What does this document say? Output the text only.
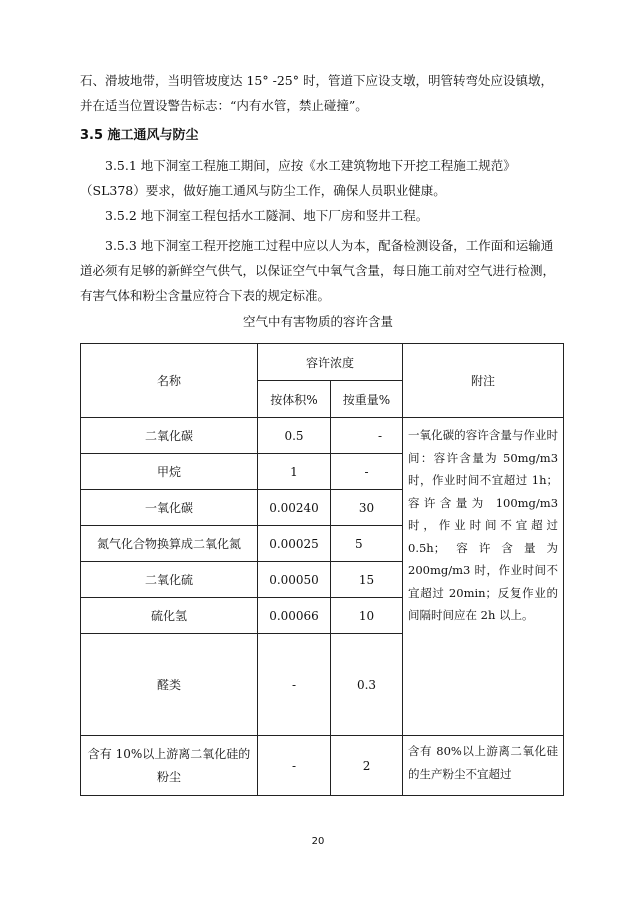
石、滑坡地带，当明管坡度达 15° -25° 时，管道下应设支墩，明管转弯处应设镇墩，并在适当位置设警告标志：“内有水管，禁止碰撞”。

3.5 施工通风与防尘

3.5.1 地下洞室工程施工期间，应按《水工建筑物地下开挖工程施工规范》（SL378）要求，做好施工通风与防尘工作，确保人员职业健康。

3.5.2 地下洞室工程包括水工隧洞、地下厂房和竖井工程。

3.5.3 地下洞室工程开挖施工过程中应以人为本，配备检测设备，工作面和运输通道必须有足够的新鲜空气供气，以保证空气中氧气含量，每日施工前对空气进行检测，有害气体和粉尘含量应符合下表的规定标准。

空气中有害物质的容许含量

名称	容许浓度		附注
	按体积%	按重量%	
二氧化碳	0.5	-	一氧化碳的容许含量与作业时间：容许含量为 50mg/m3 时，作业时间不宜超过 1h；容许含量为 100mg/m3 时，作业时间不宜超过 0.5h；容许含量为 200mg/m3 时，作业时间不宜超过 20min；反复作业的间隔时间应在 2h 以上。
甲烷	1	-	
一氧化碳	0.00240	30	
氮气化合物换算成二氧化氮	0.00025	5	
二氧化硫	0.00050	15	
硫化氢	0.00066	10	
醛类	-	0.3	
含有 10%以上游离二氧化硅的粉尘	-	2	含有 80%以上游离二氧化硅的生产粉尘不宜超过

20
